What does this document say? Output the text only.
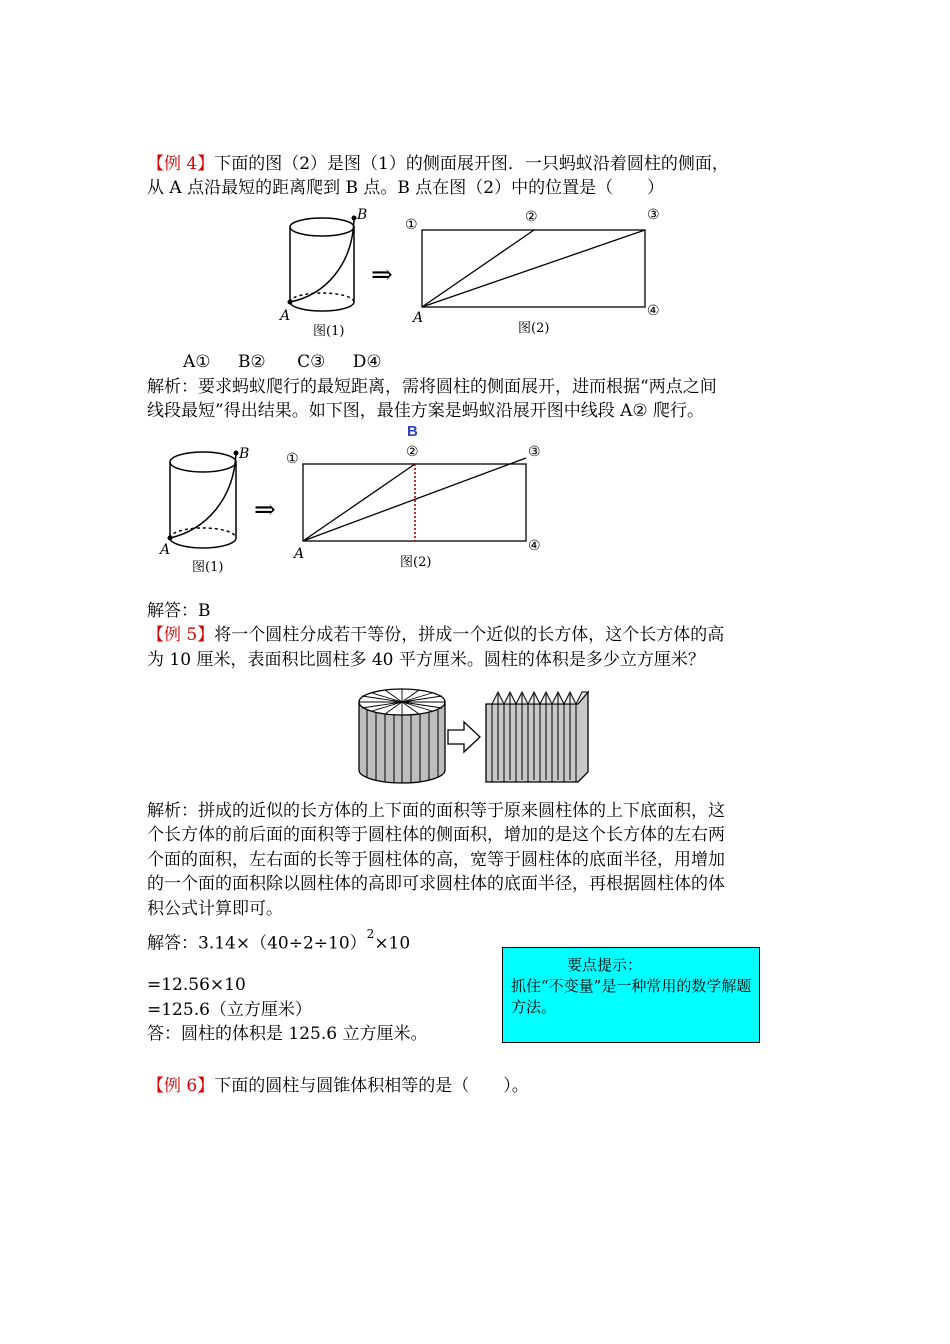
【例 4】下面的图（2）是图（1）的侧面展开图．一只蚂蚁沿着圆柱的侧面，
从 A 点沿最短的距离爬到 B 点。B 点在图（2）中的位置是（　　）
A
B
⇒
①	②	③
④
A
图(1)	图(2)
A① B② C③ D④
解析：要求蚂蚁爬行的最短距离，需将圆柱的侧面展开，进而根据“两点之间
线段最短”得出结果。如下图，最佳方案是蚂蚁沿展开图中线段 A② 爬行。
A
B
⇒
B
①	②	③
④
A
图(1)	图(2)
解答：B
【例 5】将一个圆柱分成若干等份，拼成一个近似的长方体，这个长方体的高
为 10 厘米，表面积比圆柱多 40 平方厘米。圆柱的体积是多少立方厘米？
解析：拼成的近似的长方体的上下面的面积等于原来圆柱体的上下底面积，这
个长方体的前后面的面积等于圆柱体的侧面积，增加的是这个长方体的左右两
个面的面积，左右面的长等于圆柱体的高，宽等于圆柱体的底面半径，用增加
的一个面的面积除以圆柱体的高即可求圆柱体的底面半径，再根据圆柱体的体
积公式计算即可。
解答：$3.14\times(40\div 2\div 10)^2\times 10$
=12.56×10
=125.6（立方厘米）
答：圆柱的体积是 125.6 立方厘米。
要点提示：
抓住“不变量”是一种常用的数学解题方法。
【例 6】下面的圆柱与圆锥体积相等的是（　　）。
